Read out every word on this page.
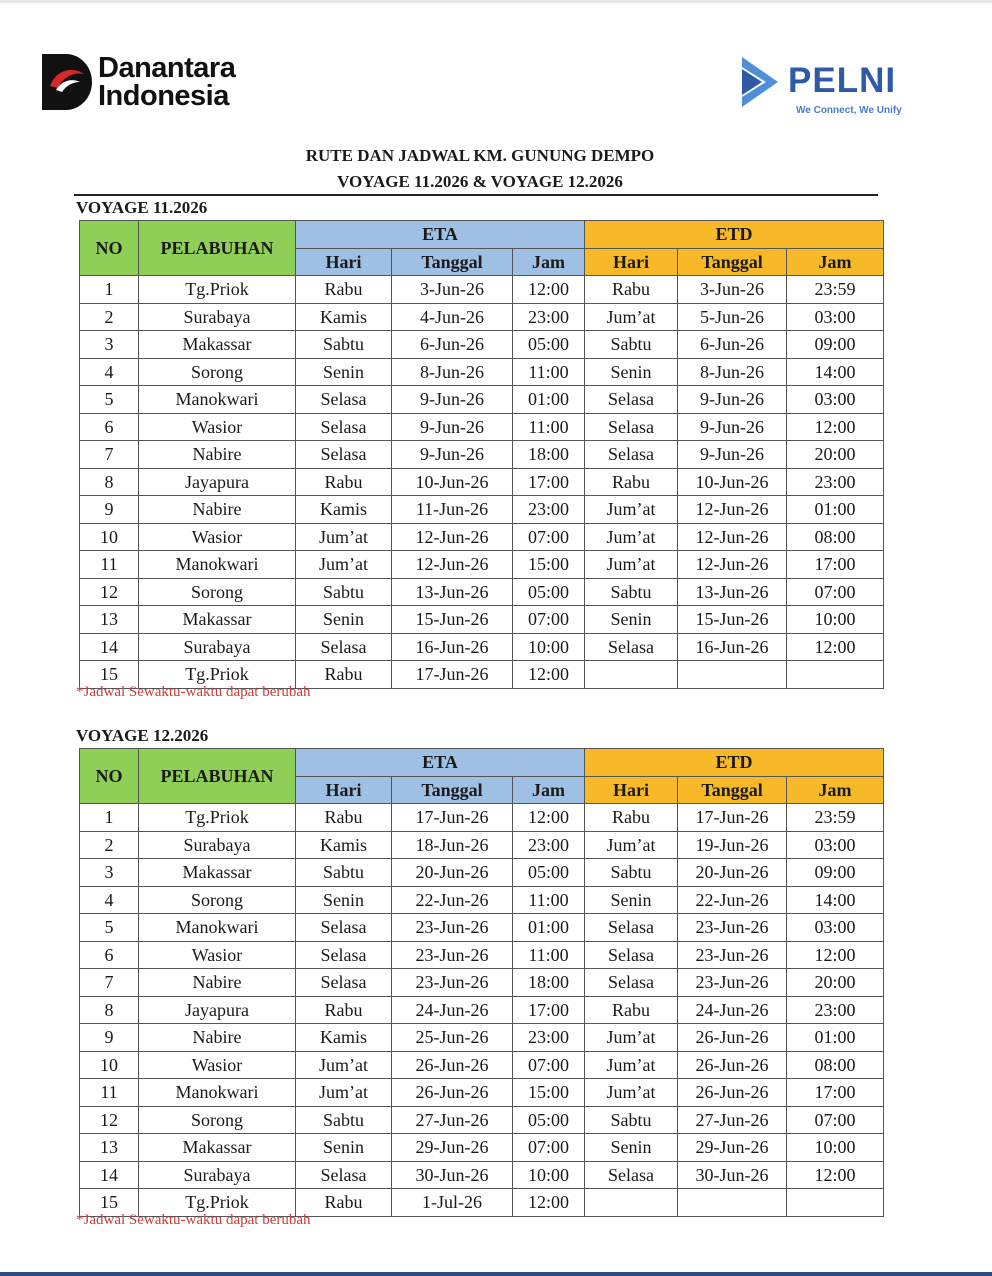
Danantara
Indonesia	PELNI
We Connect, We Unify
RUTE DAN JADWAL KM. GUNUNG DEMPO
VOYAGE 11.2026 & VOYAGE 12.2026
VOYAGE 11.2026
NO	PELABUHAN	ETA			ETD		
		Hari	Tanggal	Jam	Hari	Tanggal	Jam
1	Tg.Priok	Rabu	3-Jun-26	12:00	Rabu	3-Jun-26	23:59
2	Surabaya	Kamis	4-Jun-26	23:00	Jum’at	5-Jun-26	03:00
3	Makassar	Sabtu	6-Jun-26	05:00	Sabtu	6-Jun-26	09:00
4	Sorong	Senin	8-Jun-26	11:00	Senin	8-Jun-26	14:00
5	Manokwari	Selasa	9-Jun-26	01:00	Selasa	9-Jun-26	03:00
6	Wasior	Selasa	9-Jun-26	11:00	Selasa	9-Jun-26	12:00
7	Nabire	Selasa	9-Jun-26	18:00	Selasa	9-Jun-26	20:00
8	Jayapura	Rabu	10-Jun-26	17:00	Rabu	10-Jun-26	23:00
9	Nabire	Kamis	11-Jun-26	23:00	Jum’at	12-Jun-26	01:00
10	Wasior	Jum’at	12-Jun-26	07:00	Jum’at	12-Jun-26	08:00
11	Manokwari	Jum’at	12-Jun-26	15:00	Jum’at	12-Jun-26	17:00
12	Sorong	Sabtu	13-Jun-26	05:00	Sabtu	13-Jun-26	07:00
13	Makassar	Senin	15-Jun-26	07:00	Senin	15-Jun-26	10:00
14	Surabaya	Selasa	16-Jun-26	10:00	Selasa	16-Jun-26	12:00
15	Tg.Priok	Rabu	17-Jun-26	12:00			
*Jadwal Sewaktu-waktu dapat berubah
VOYAGE 12.2026
NO	PELABUHAN	ETA			ETD		
		Hari	Tanggal	Jam	Hari	Tanggal	Jam
1	Tg.Priok	Rabu	17-Jun-26	12:00	Rabu	17-Jun-26	23:59
2	Surabaya	Kamis	18-Jun-26	23:00	Jum’at	19-Jun-26	03:00
3	Makassar	Sabtu	20-Jun-26	05:00	Sabtu	20-Jun-26	09:00
4	Sorong	Senin	22-Jun-26	11:00	Senin	22-Jun-26	14:00
5	Manokwari	Selasa	23-Jun-26	01:00	Selasa	23-Jun-26	03:00
6	Wasior	Selasa	23-Jun-26	11:00	Selasa	23-Jun-26	12:00
7	Nabire	Selasa	23-Jun-26	18:00	Selasa	23-Jun-26	20:00
8	Jayapura	Rabu	24-Jun-26	17:00	Rabu	24-Jun-26	23:00
9	Nabire	Kamis	25-Jun-26	23:00	Jum’at	26-Jun-26	01:00
10	Wasior	Jum’at	26-Jun-26	07:00	Jum’at	26-Jun-26	08:00
11	Manokwari	Jum’at	26-Jun-26	15:00	Jum’at	26-Jun-26	17:00
12	Sorong	Sabtu	27-Jun-26	05:00	Sabtu	27-Jun-26	07:00
13	Makassar	Senin	29-Jun-26	07:00	Senin	29-Jun-26	10:00
14	Surabaya	Selasa	30-Jun-26	10:00	Selasa	30-Jun-26	12:00
15	Tg.Priok	Rabu	1-Jul-26	12:00			
*Jadwal Sewaktu-waktu dapat berubah
